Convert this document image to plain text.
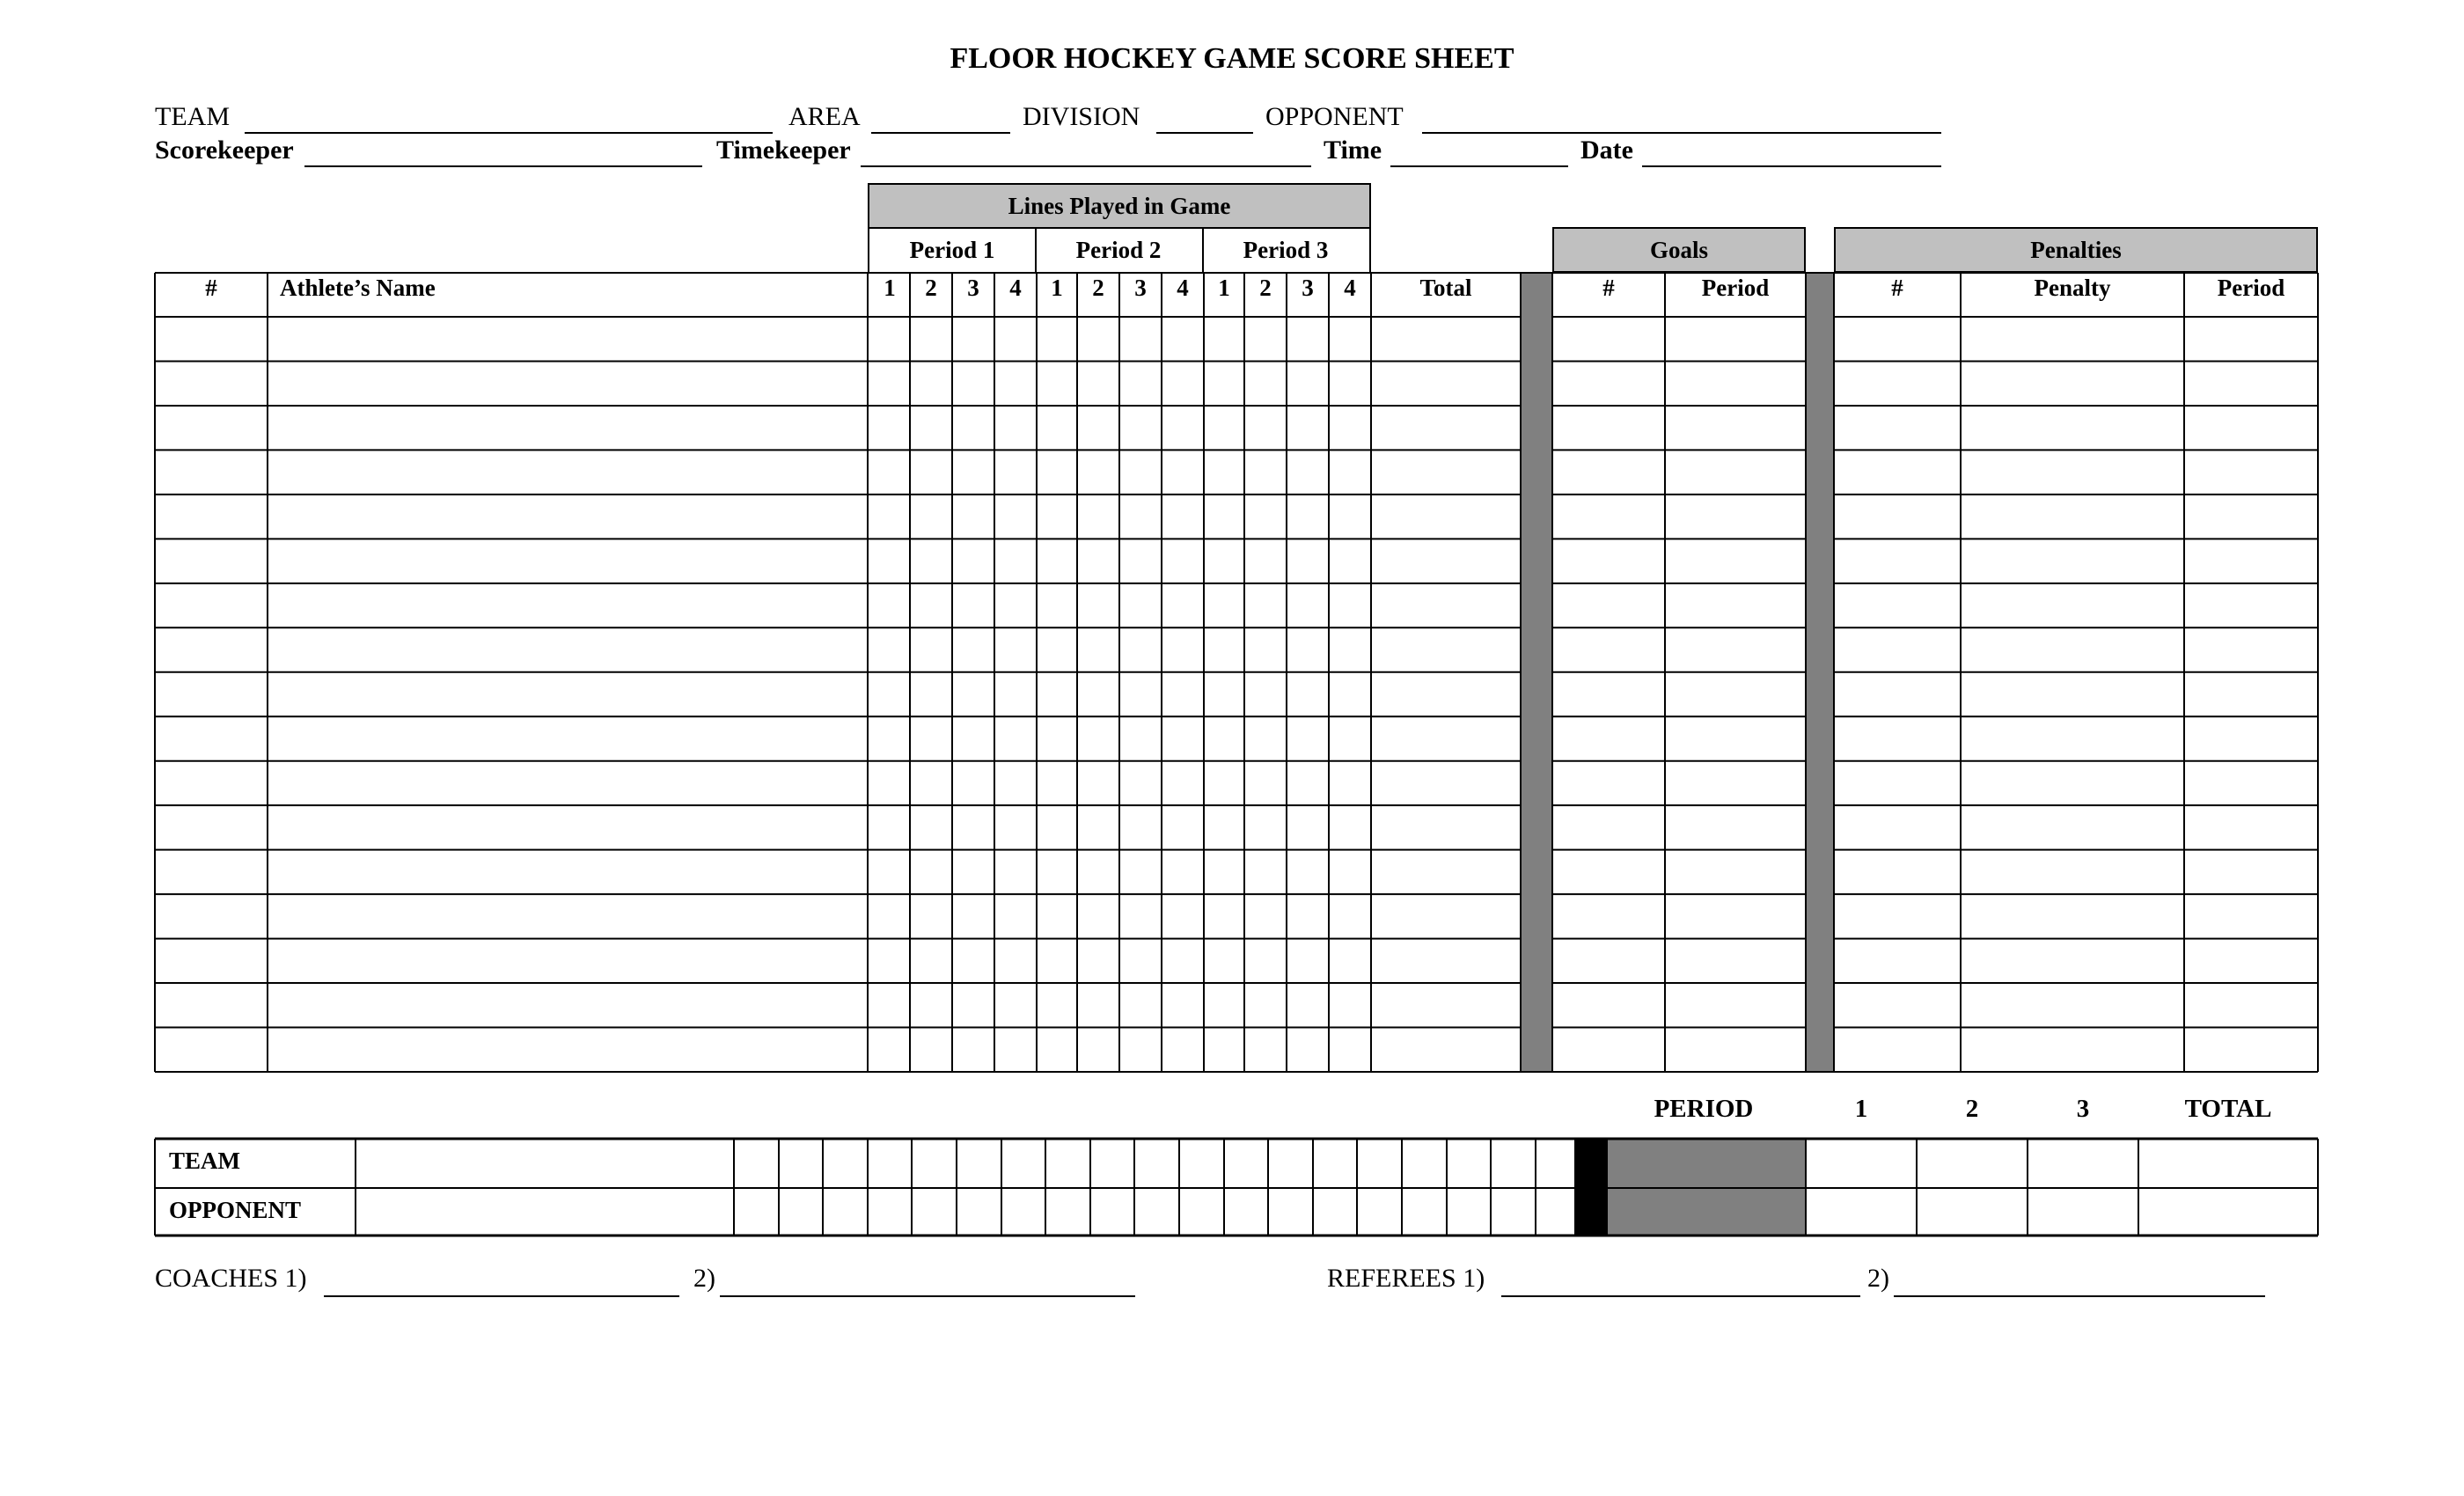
FLOOR HOCKEY GAME SCORE SHEET
TEAM	AREA	DIVISION	OPPONENT
Scorekeeper	Timekeeper	Time	Date
Lines Played in Game
Period 1	Period 2	Period 3	Goals	Penalties
#	Athlete’s Name	1	2	3	4	1	2	3	4	1	2	3	4	Total	#	Period	#	Penalty	Period
PERIOD	1	2	3	TOTAL
TEAM
OPPONENT
COACHES 1)	2)	REFEREES 1)	2)
